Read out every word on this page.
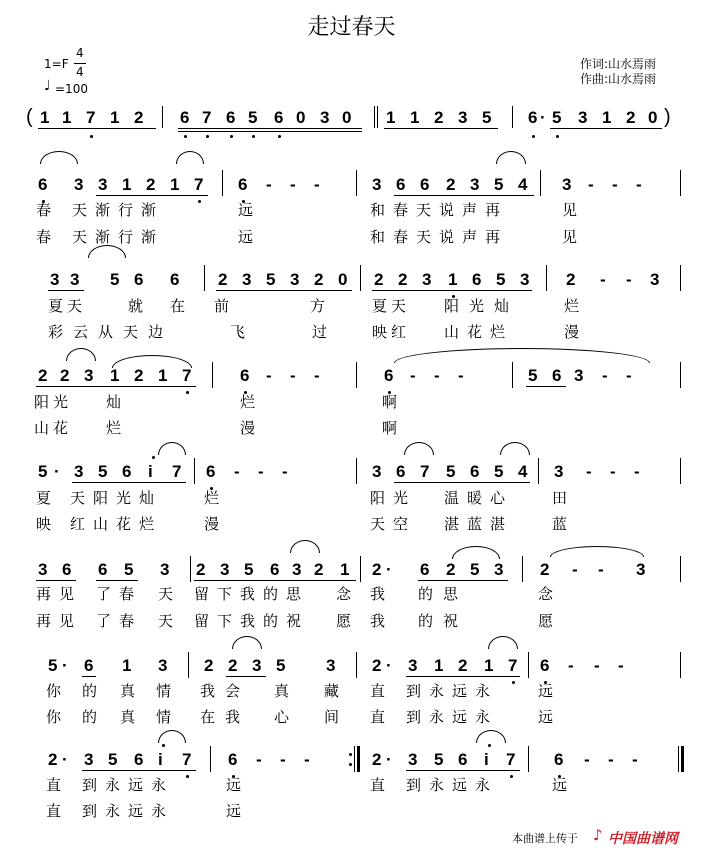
走过春天
1=F
4
4
♩ =100
作词:山水焉雨
作曲:山水焉雨
( 1 1 7 1 2 6 7 6 5 6 0 3 0 1 1 2 3 5 6 · 5 3 1 2 0 )
6 3 3 1 2 1 7 6 - - -	3 6 6 2 3 5 4 3 - - -
春 天渐行渐	远	和春天说声再	见
春 天渐行渐	远	和春天说声再	见
3 3 5 6 6 2 3 5 3 2 0 2 2 3 1 6 5 3 2 - - 3
夏天	就 在 前	方	夏天 阳光灿	烂
彩云从天边	飞	过	映红 山花烂	漫
2 2 3 1 2 1 7	6 - - -	6 - - -	5 6 3 - -
阳光 灿	烂	啊
山花 烂	漫	啊
5 · 3 5 6 i 7 6 - - -	3 6 7 5 6 5 4 3 - - -
夏 天阳光灿	烂	阳光 温暖心	田
映 红山花烂	漫	天空 湛蓝湛	蓝
3 6 6 5 3 2 3 5 6 3 2 1 2 · 6 2 5 3 2 - - 3
再见 了春 天 留下我的思 念 我 的思	念
再见 了春 天 留下我的祝 愿 我 的祝	愿
5 · 6 1 3 2 2 3 5 3 2 · 3 1 2 1 7 6 - - -
你 的 真 情 我会 真 藏 直 到永远永	远
你 的 真 情 在我 心 间 直 到永远永	远
2 · 3 5 6 i 7 6 - - -	2 · 3 5 6 i 7 6 - - -
直 到永远永	远	直 到永远永	远
直 到永远永	远
本曲谱上传于 ♪ 中国曲谱网
